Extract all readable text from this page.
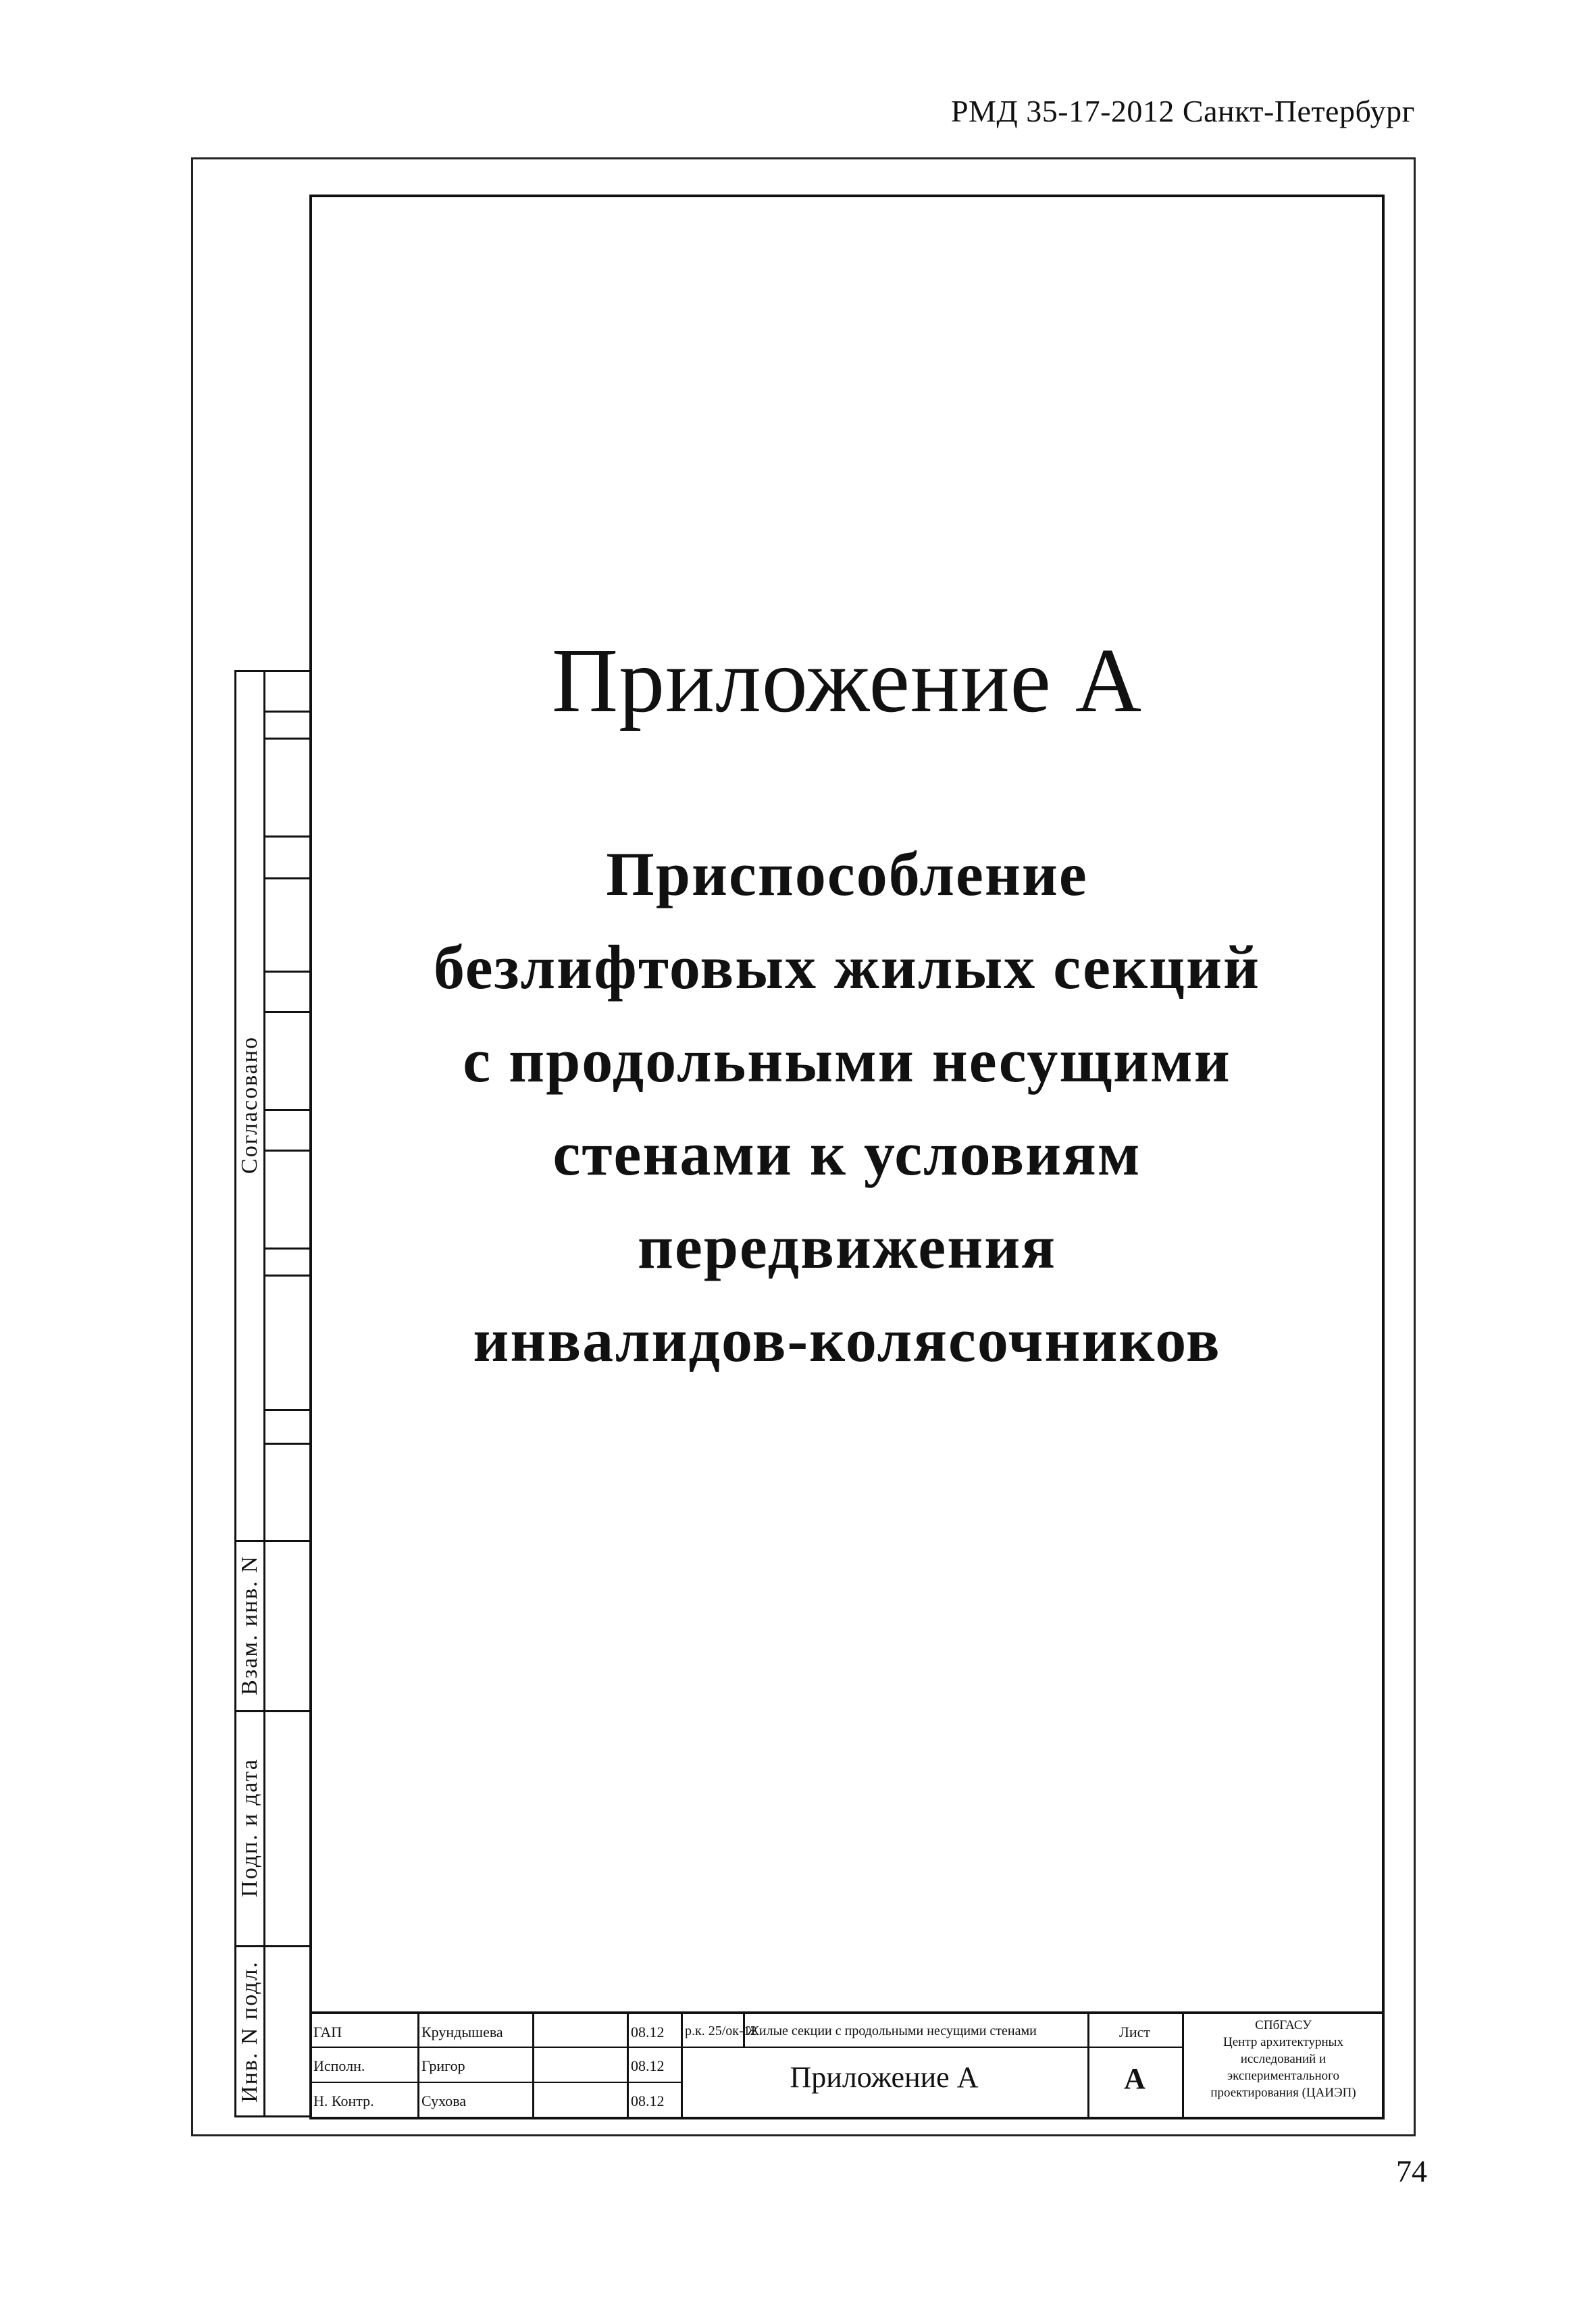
РМД 35-17-2012 Санкт-Петербург
Согласовано
Взам. инв. N
Подп. и дата
Инв. N подл.
Приложение А
Приспособление
безлифтовых жилых секций
с продольными несущими
стенами к условиям
передвижения
инвалидов-колясочников
ГАП	Крундышева	08.12
Исполн.	Григор	08.12
Н. Контр.	Сухова	08.12
р.к. 25/ок-12
Жилые секции с продольными несущими стенами
Приложение А
Лист
А
СПбГАСУ
Центр архитектурных
исследований и
экспериментального
проектирования (ЦАИЭП)
74
